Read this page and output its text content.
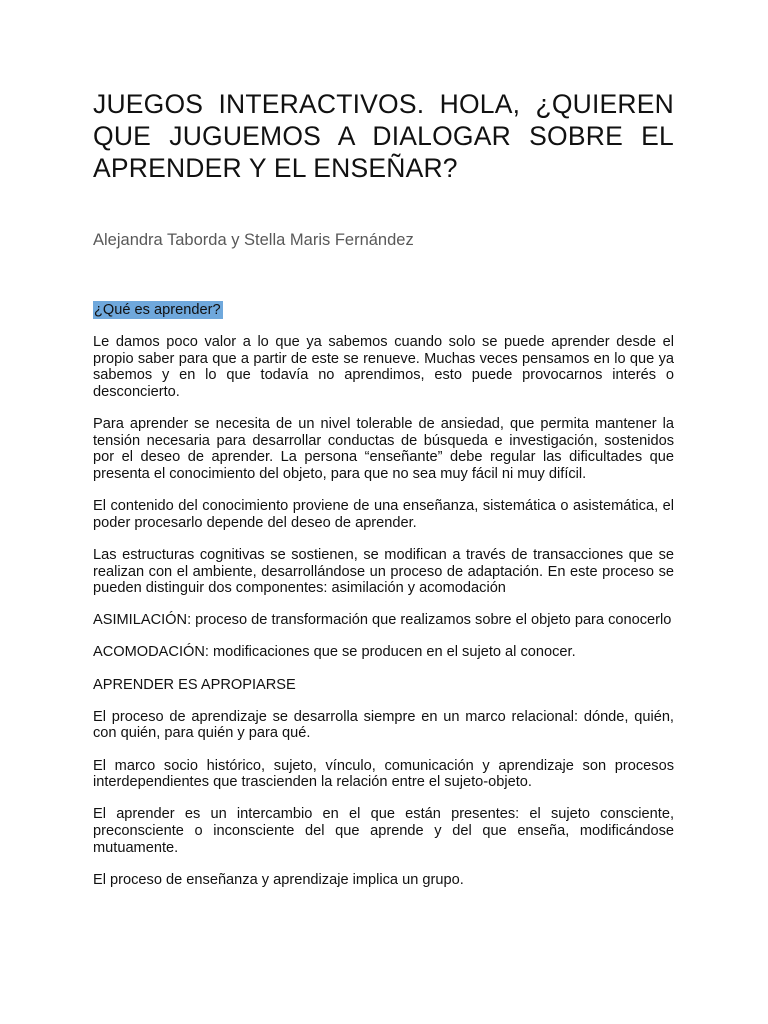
JUEGOS INTERACTIVOS. HOLA, ¿QUIEREN QUE JUGUEMOS A DIALOGAR SOBRE EL APRENDER Y EL ENSEÑAR?
Alejandra Taborda y Stella Maris Fernández

¿Qué es aprender?

Le damos poco valor a lo que ya sabemos cuando solo se puede aprender desde el propio saber para que a partir de este se renueve. Muchas veces pensamos en lo que ya sabemos y en lo que todavía no aprendimos, esto puede provocarnos interés o desconcierto.

Para aprender se necesita de un nivel tolerable de ansiedad, que permita mantener la tensión necesaria para desarrollar conductas de búsqueda e investigación, sostenidos por el deseo de aprender. La persona “enseñante” debe regular las dificultades que presenta el conocimiento del objeto, para que no sea muy fácil ni muy difícil.

El contenido del conocimiento proviene de una enseñanza, sistemática o asistemática, el poder procesarlo depende del deseo de aprender.

Las estructuras cognitivas se sostienen, se modifican a través de transacciones que se realizan con el ambiente, desarrollándose un proceso de adaptación. En este proceso se pueden distinguir dos componentes: asimilación y acomodación

ASIMILACIÓN: proceso de transformación que realizamos sobre el objeto para conocerlo

ACOMODACIÓN: modificaciones que se producen en el sujeto al conocer.

APRENDER ES APROPIARSE

El proceso de aprendizaje se desarrolla siempre en un marco relacional: dónde, quién, con quién, para quién y para qué.

El marco socio histórico, sujeto, vínculo, comunicación y aprendizaje son procesos interdependientes que trascienden la relación entre el sujeto-objeto.

El aprender es un intercambio en el que están presentes: el sujeto consciente, preconsciente o inconsciente del que aprende y del que enseña, modificándose mutuamente.

El proceso de enseñanza y aprendizaje implica un grupo.
